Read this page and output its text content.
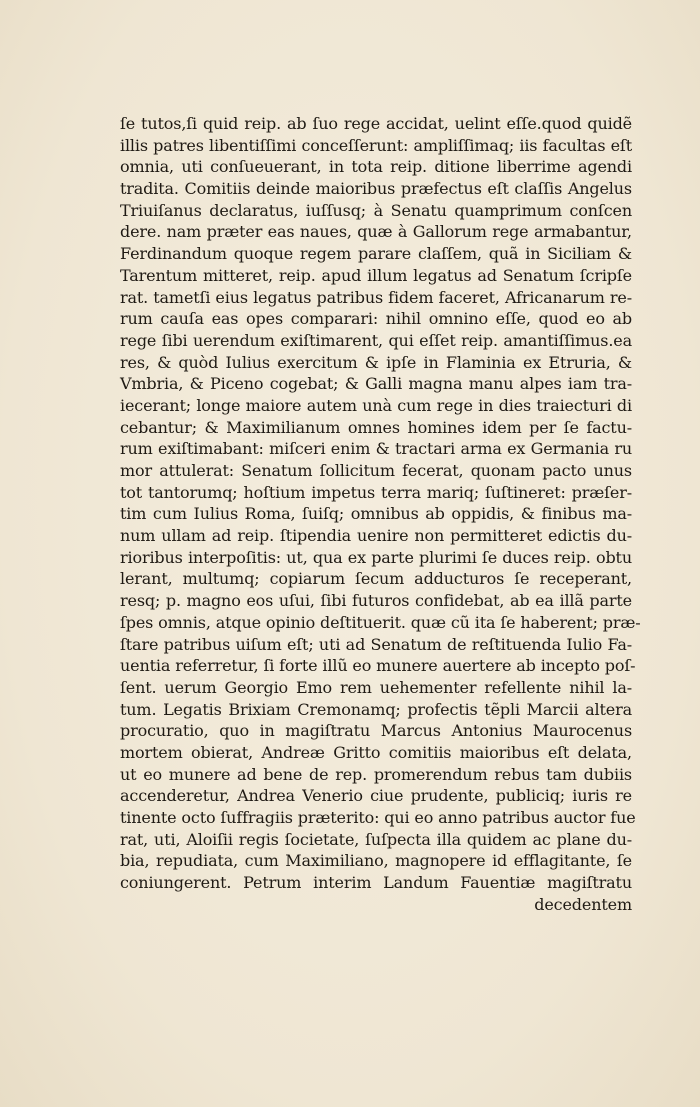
ſe tutos,ſi quid reip. ab ſuo rege accidat, uelint eſſe.quod quidẽ
illis patres libentiſſimi conceſſerunt: ampliſſimaq; iis facultas eſt
omnia, uti conſueuerant, in tota reip. ditione liberrime agendi
tradita. Comitiis deinde maioribus præfectus eſt claſſis Angelus
Triuiſanus declaratus, iuſſusq; à Senatu quamprimum conſcen
dere. nam præter eas naues, quæ à Gallorum rege armabantur,
Ferdinandum quoque regem parare claſſem, quã in Siciliam &
Tarentum mitteret, reip. apud illum legatus ad Senatum ſcripſe
rat. tametſi eius legatus patribus fidem faceret, Africanarum re-
rum cauſa eas opes comparari: nihil omnino eſſe, quod eo ab
rege ſibi uerendum exiſtimarent, qui eſſet reip. amantiſſimus.ea
res, & quòd Iulius exercitum & ipſe in Flaminia ex Etruria, &
Vmbria, & Piceno cogebat; & Galli magna manu alpes iam tra-
iecerant; longe maiore autem unà cum rege in dies traiecturi di
cebantur; & Maximilianum omnes homines idem per ſe factu-
rum exiſtimabant: miſceri enim & tractari arma ex Germania ru
mor attulerat: Senatum ſollicitum fecerat, quonam pacto unus
tot tantorumq; hoſtium impetus terra mariq; ſuſtineret: præſer-
tim cum Iulius Roma, ſuiſq; omnibus ab oppidis, & finibus ma-
num ullam ad reip. ſtipendia uenire non permitteret edictis du-
rioribus interpoſitis: ut, qua ex parte plurimi ſe duces reip. obtu
lerant, multumq; copiarum ſecum adducturos ſe receperant,
resq; p. magno eos uſui, ſibi futuros confidebat, ab ea illã parte
ſpes omnis, atque opinio deſtituerit. quæ cũ ita ſe haberent; præ-
ſtare patribus uiſum eſt; uti ad Senatum de reſtituenda Iulio Fa-
uentia referretur, ſi forte illũ eo munere auertere ab incepto poſ-
ſent. uerum Georgio Emo rem uehementer refellente nihil la-
tum. Legatis Brixiam Cremonamq; profectis tẽpli Marcii altera
procuratio, quo in magiſtratu Marcus Antonius Maurocenus
mortem obierat, Andreæ Gritto comitiis maioribus eſt delata,
ut eo munere ad bene de rep. promerendum rebus tam dubiis
accenderetur, Andrea Venerio ciue prudente, publiciq; iuris re
tinente octo ſuffragiis præterito: qui eo anno patribus auctor fue
rat, uti, Aloiſii regis ſocietate, ſuſpecta illa quidem ac plane du-
bia, repudiata, cum Maximiliano, magnopere id efflagitante, ſe
coniungerent. Petrum interim Landum Fauentiæ magiſtratu
decedentem
